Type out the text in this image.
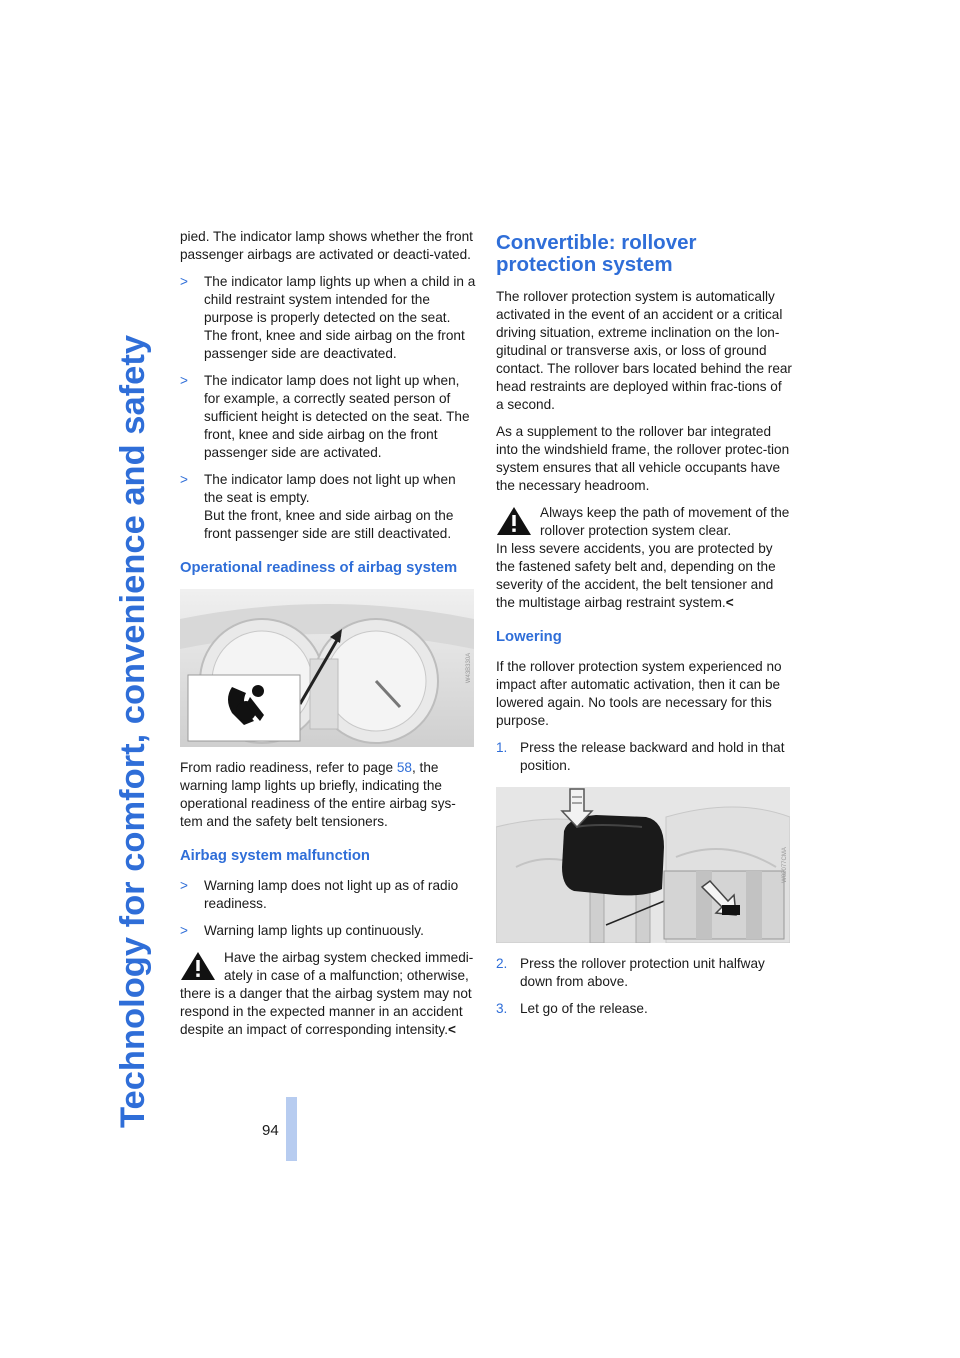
Technology for comfort, convenience and safety
94

pied. The indicator lamp shows whether the front passenger airbags are activated or deacti-vated.

> The indicator lamp lights up when a child in a child restraint system intended for the purpose is properly detected on the seat. The front, knee and side airbag on the front passenger side are deactivated.
> The indicator lamp does not light up when, for example, a correctly seated person of sufficient height is detected on the seat. The front, knee and side airbag on the front passenger side are activated.
> The indicator lamp does not light up when the seat is empty.
But the front, knee and side airbag on the front passenger side are still deactivated.
Operational readiness of airbag system
W43B330A

From radio readiness, refer to page 58, the warning lamp lights up briefly, indicating the operational readiness of the entire airbag sys-tem and the safety belt tensioners.

Airbag system malfunction
> Warning lamp does not light up as of radio readiness.
> Warning lamp lights up continuously.
Have the airbag system checked immedi-ately in case of a malfunction; otherwise, there is a danger that the airbag system may not respond in the expected manner in an accident despite an impact of corresponding intensity.<
Convertible: rollover
protection system

The rollover protection system is automatically activated in the event of an accident or a critical driving situation, extreme inclination on the lon-gitudinal or transverse axis, or loss of ground contact. The rollover bars located behind the rear head restraints are deployed within frac-tions of a second.

As a supplement to the rollover bar integrated into the windshield frame, the rollover protec-tion system ensures that all vehicle occupants have the necessary headroom.

Always keep the path of movement of the rollover protection system clear.

In less severe accidents, you are protected by the fastened safety belt and, depending on the severity of the accident, the belt tensioner and the multistage airbag restraint system.<

Lowering

If the rollover protection system experienced no impact after automatic activation, then it can be lowered again. No tools are necessary for this purpose.

1. Press the release backward and hold in that position.
W02077CMA
2. Press the rollover protection unit halfway down from above.
3. Let go of the release.
